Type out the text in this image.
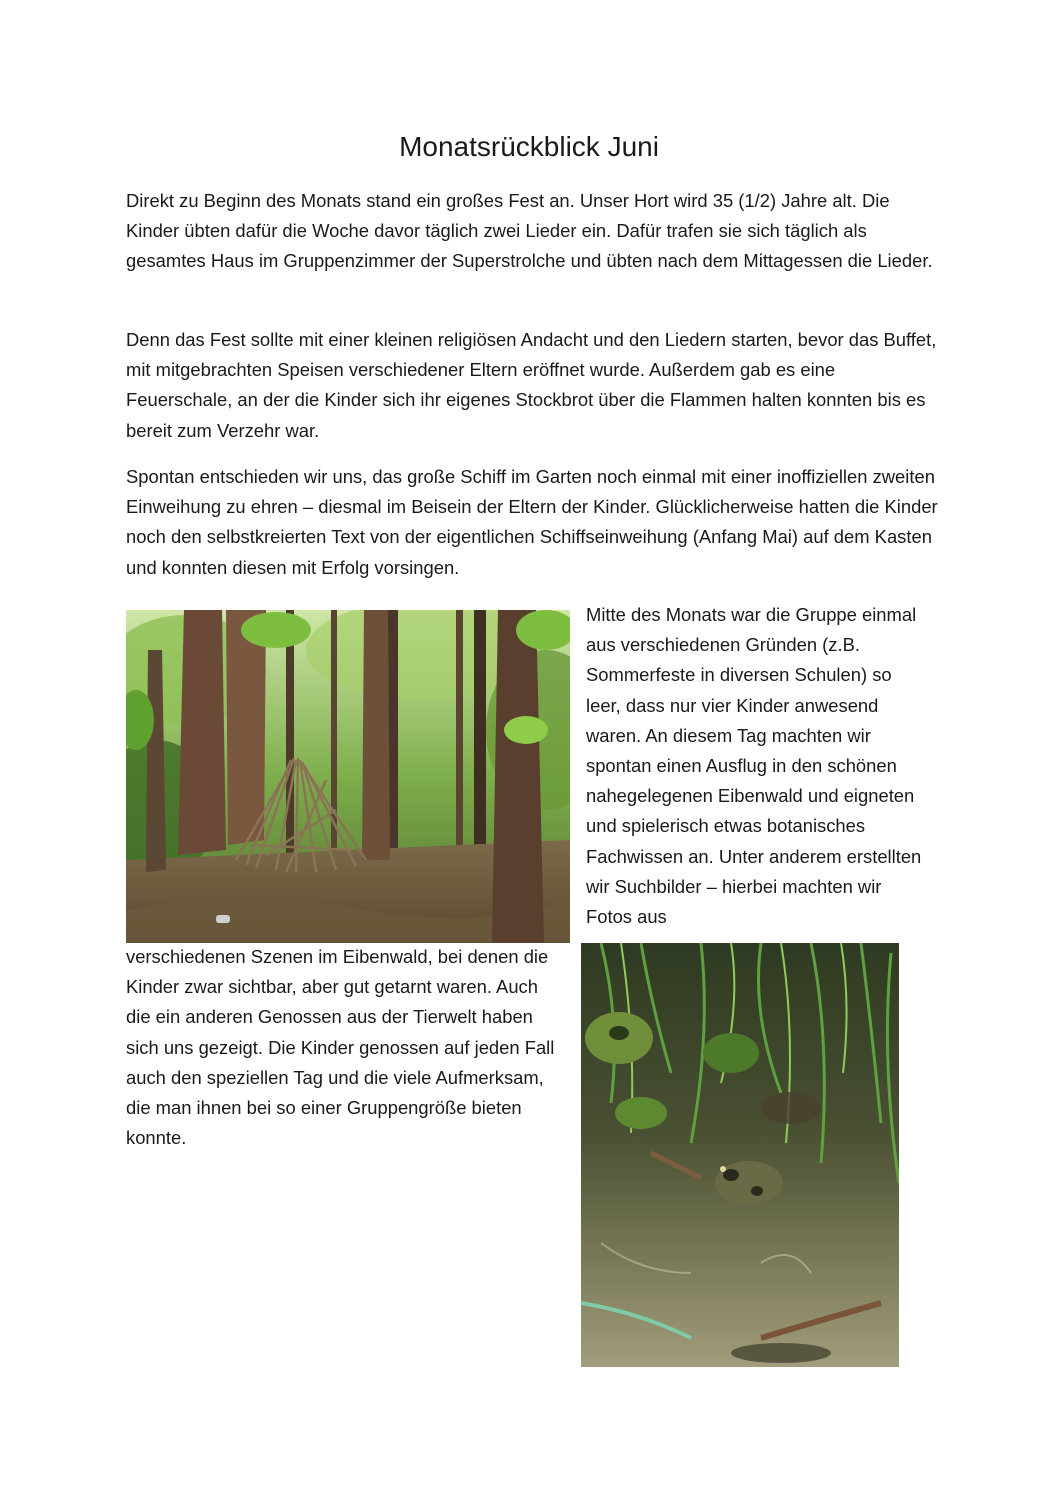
Monatsrückblick Juni

Direkt zu Beginn des Monats stand ein großes Fest an. Unser Hort wird 35 (1/2) Jahre alt. Die Kinder übten dafür die Woche davor täglich zwei Lieder ein. Dafür trafen sie sich täglich als gesamtes Haus im Gruppenzimmer der Superstrolche und übten nach dem Mittagessen die Lieder.

Denn das Fest sollte mit einer kleinen religiösen Andacht und den Liedern starten, bevor das Buffet, mit mitgebrachten Speisen verschiedener Eltern eröffnet wurde. Außerdem gab es eine Feuerschale, an der die Kinder sich ihr eigenes Stockbrot über die Flammen halten konnten bis es bereit zum Verzehr war.

Spontan entschieden wir uns, das große Schiff im Garten noch einmal mit einer inoffiziellen zweiten Einweihung zu ehren – diesmal im Beisein der Eltern der Kinder. Glücklicherweise hatten die Kinder noch den selbstkreierten Text von der eigentlichen Schiffseinweihung (Anfang Mai) auf dem Kasten und konnten diesen mit Erfolg vorsingen.

Mitte des Monats war die Gruppe einmal aus verschiedenen Gründen (z.B. Sommerfeste in diversen Schulen) so leer, dass nur vier Kinder anwesend waren. An diesem Tag machten wir spontan einen Ausflug in den schönen nahegelegenen Eibenwald und eigneten und spielerisch etwas botanisches Fachwissen an. Unter anderem erstellten wir Suchbilder – hierbei machten wir Fotos aus

verschiedenen Szenen im Eibenwald, bei denen die Kinder zwar sichtbar, aber gut getarnt waren. Auch die ein anderen Genossen aus der Tierwelt haben sich uns gezeigt. Die Kinder genossen auf jeden Fall auch den speziellen Tag und die viele Aufmerksam, die man ihnen bei so einer Gruppengröße bieten konnte.
